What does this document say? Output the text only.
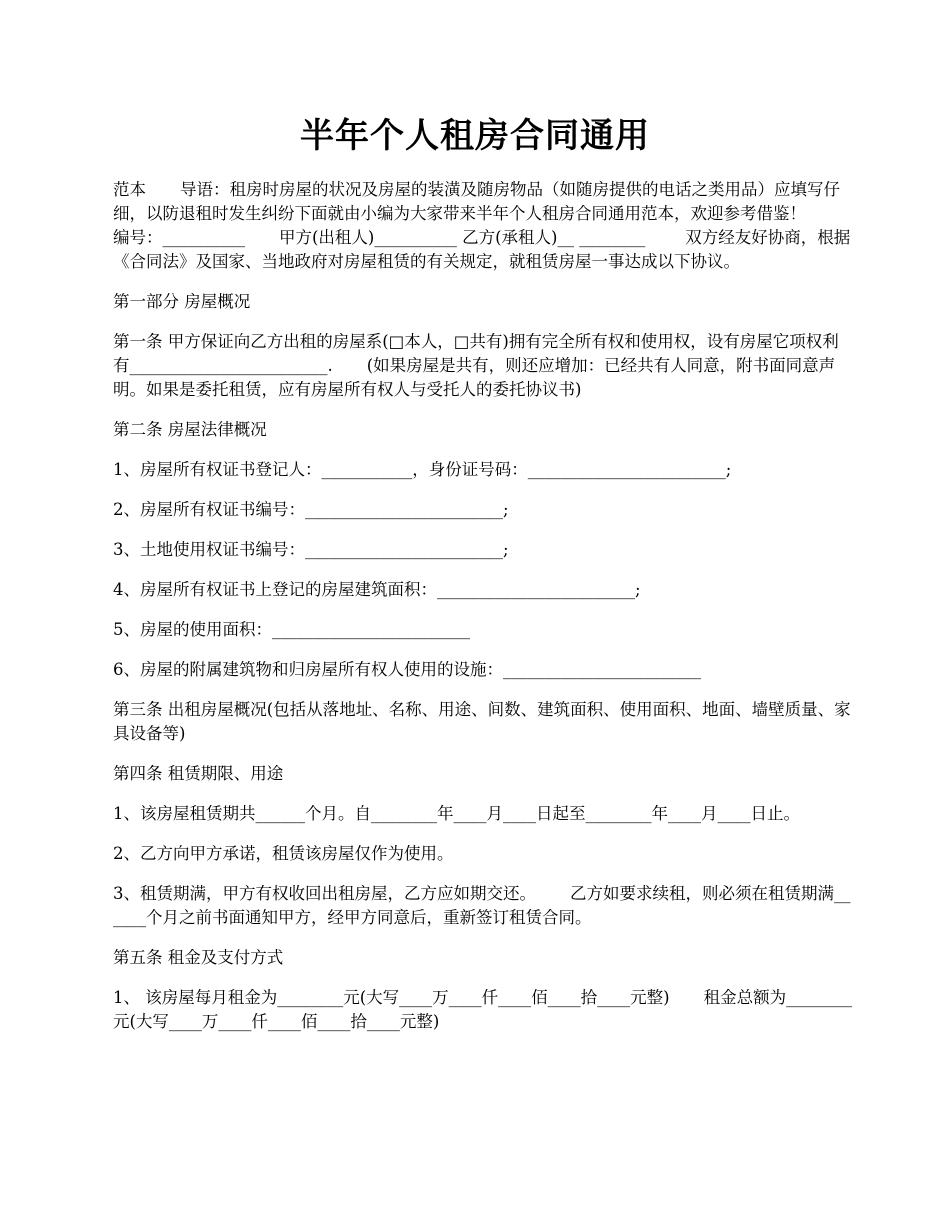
半年个人租房合同通用

范本 导语：租房时房屋的状况及房屋的装潢及随房物品（如随房提供的电话之类用品）应填写仔细，以防退租时发生纠纷下面就由小编为大家带来半年个人租房合同通用范本，欢迎参考借鉴！编号：__________ 甲方(出租人)__________ 乙方(承租人)__ ________ 双方经友好协商，根据《合同法》及国家、当地政府对房屋租赁的有关规定，就租赁房屋一事达成以下协议。

第一部分 房屋概况

第一条 甲方保证向乙方出租的房屋系(□本人，□共有)拥有完全所有权和使用权，设有房屋它项权利有________________________. (如果房屋是共有，则还应增加：已经共有人同意，附书面同意声明。如果是委托租赁，应有房屋所有权人与受托人的委托协议书)

第二条 房屋法律概况

1、房屋所有权证书登记人：___________，身份证号码：________________________;

2、房屋所有权证书编号：________________________;

3、土地使用权证书编号：________________________;

4、房屋所有权证书上登记的房屋建筑面积：________________________;

5、房屋的使用面积：________________________

6、房屋的附属建筑物和归房屋所有权人使用的设施：________________________

第三条 出租房屋概况(包括从落地址、名称、用途、间数、建筑面积、使用面积、地面、墙壁质量、家具设备等)

第四条 租赁期限、用途

1、该房屋租赁期共______个月。自________年____月____日起至________年____月____日止。

2、乙方向甲方承诺，租赁该房屋仅作为使用。

3、租赁期满，甲方有权收回出租房屋，乙方应如期交还。 乙方如要求续租，则必须在租赁期满______个月之前书面通知甲方，经甲方同意后，重新签订租赁合同。

第五条 租金及支付方式

1、 该房屋每月租金为________元(大写____万____仟____佰____拾____元整) 租金总额为________元(大写____万____仟____佰____拾____元整)
